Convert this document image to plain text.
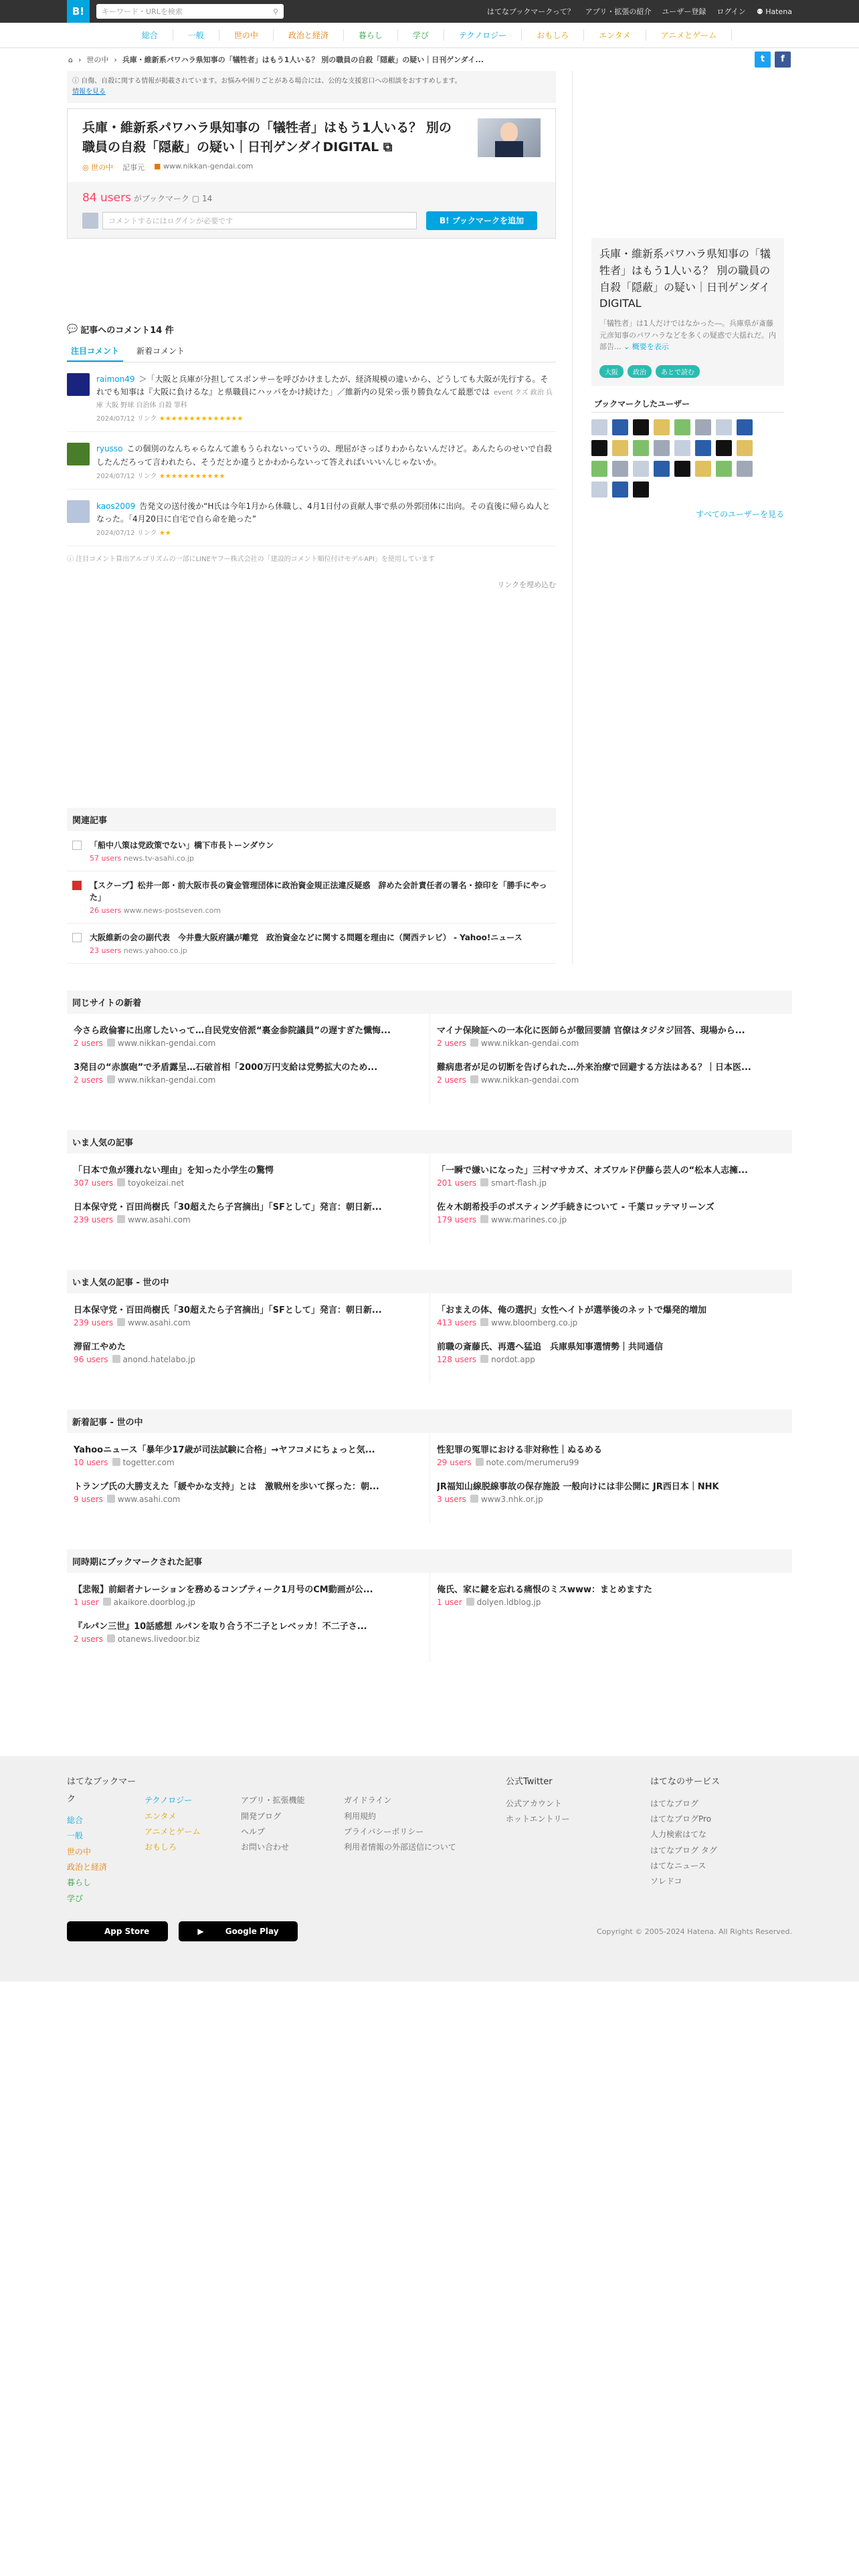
B!	キーワード・URLを検索	⚲	はてなブックマークって？ アプリ・拡張の紹介 ユーザー登録 ログイン ⚉ Hatena
総合	一般	世の中	政治と経済	暮らし	学び	テクノロジー	おもしろ	エンタメ	アニメとゲーム
⌂ › 世の中 › 兵庫・維新系パワハラ県知事の「犠牲者」はもう1人いる？ 別の職員の自殺「隠蔽」の疑い｜日刊ゲンダイ...	t	f
ⓘ 自傷、自殺に関する情報が掲載されています。お悩みや困りごとがある場合には、公的な支援窓口への相談をおすすめします。
情報を見る
兵庫・維新系パワハラ県知事の「犠牲者」はもう1人いる？ 別の職員の自殺「隠蔽」の疑い｜日刊ゲンダイDIGITAL ⧉
◎ 世の中 記事元 ■ www.nikkan-gendai.com
84 users がブックマーク ▢ 14
コメントするにはログインが必要です	B! ブックマークを追加
💬 記事へのコメント14 件
注目コメント	新着コメント
raimon49 ＞「大阪と兵庫が分担してスポンサーを呼びかけましたが、経済規模の違いから、どうしても大阪が先行する。それでも知事は『大阪に負けるな』と県職員にハッパをかけ続けた」／維新内の見栄っ張り勝負なんて最悪では event クズ 政治 兵庫 大阪 野球 自治体 自殺 罪科
2024/07/12 リンク ★★★★★★★★★★★★★★
ryusso この個別のなんちゃらなんて誰もうられないっていうの、理屈がさっぱりわからないんだけど。あんたらのせいで自殺したんだろって言われたら、そうだとか違うとかわからないって答えればいいいんじゃないか。
2024/07/12 リンク ★★★★★★★★★★★
kaos2009 告発文の送付後か“H氏は今年1月から休職し、4月1日付の貢献人事で県の外郭団体に出向。その直後に帰らぬ人となった。「4月20日に自宅で自ら命を絶った”
2024/07/12 リンク ★★
ⓘ 注目コメント算出アルゴリズムの一部にLINEヤフー株式会社の「建設的コメント順位付けモデルAPI」を使用しています
リンクを埋め込む
関連記事
「船中八策は党政策でない」橋下市長トーンダウン
57 users news.tv-asahi.co.jp
【スクープ】松井一郎・前大阪市長の資金管理団体に政治資金規正法違反疑惑　辞めた会計責任者の署名・捺印を「勝手にやった」
26 users www.news-postseven.com
大阪維新の会の副代表　今井豊大阪府議が離党　政治資金などに関する問題を理由に（関西テレビ） - Yahoo!ニュース
23 users news.yahoo.co.jp
兵庫・維新系パワハラ県知事の「犠牲者」はもう1人いる？ 別の職員の自殺「隠蔽」の疑い｜日刊ゲンダイDIGITAL
「犠牲者」は1人だけではなかった―。兵庫県が斎藤元彦知事のパワハラなどを多くの疑惑で大揺れだ。内部告... ⌄ 概要を表示
大阪	政治	あとで読む
ブックマークしたユーザー
すべてのユーザーを見る
同じサイトの新着
今さら政倫審に出席したいって…自民党安倍派“裏金参院議員”の遅すぎた懺悔...
2 users www.nikkan-gendai.com
3発目の“赤旗砲”で矛盾露呈…石破首相「2000万円支給は党勢拡大のため...
2 users www.nikkan-gendai.com
マイナ保険証への一本化に医師らが徹回要請 官僚はタジタジ回答、現場から...
2 users www.nikkan-gendai.com
難病患者が足の切断を告げられた…外来治療で回避する方法はある？｜日本医...
2 users www.nikkan-gendai.com
いま人気の記事
「日本で魚が獲れない理由」を知った小学生の驚愕
307 users toyokeizai.net
日本保守党・百田尚樹氏「30超えたら子宮摘出」「SFとして」発言：朝日新...
239 users www.asahi.com
「一瞬で嫌いになった」三村マサカズ、オズワルド伊藤ら芸人の“松本人志擁...
201 users smart-flash.jp
佐々木朗希投手のポスティング手続きについて - 千葉ロッテマリーンズ
179 users www.marines.co.jp
いま人気の記事 - 世の中
日本保守党・百田尚樹氏「30超えたら子宮摘出」「SFとして」発言：朝日新...
239 users www.asahi.com
滞留工やめた
96 users anond.hatelabo.jp
「おまえの体、俺の選択」女性ヘイトが選挙後のネットで爆発的増加
413 users www.bloomberg.co.jp
前職の斎藤氏、再選へ猛追　兵庫県知事選情勢｜共同通信
128 users nordot.app
新着記事 - 世の中
Yahooニュース「暴年少17歳が司法試験に合格」→ヤフコメにちょっと気...
10 users togetter.com
トランプ氏の大勝支えた「緩やかな支持」とは　激戦州を歩いて探った：朝...
9 users www.asahi.com
性犯罪の冤罪における非対称性｜ぬるめる
29 users note.com/merumeru99
JR福知山線脱線事故の保存施設 一般向けには非公開に JR西日本｜NHK
3 users www3.nhk.or.jp
同時期にブックマークされた記事
【悲報】前細者ナレーションを務めるコンプティーク1月号のCM動画が公...
1 user akaikore.doorblog.jp
『ルパン三世』10話感想 ルパンを取り合う不二子とレベッカ！不二子さ...
2 users otanews.livedoor.biz
俺氏、家に鍵を忘れる痛恨のミスwww：まとめますた
1 user dolyen.ldblog.jp
はてなブックマーク
総合
一般
世の中
政治と経済
暮らし
学び
テクノロジー
エンタメ
アニメとゲーム
おもしろ
アプリ・拡張機能
開発ブログ
ヘルプ
お問い合わせ
ガイドライン
利用規約
プライバシーポリシー
利用者情報の外部送信について
公式Twitter
公式アカウント
ホットエントリー
はてなのサービス
はてなブログ
はてなブログPro
人力検索はてな
はてなブログ タグ
はてなニュース
ソレドコ
App Store	▶	Google Play	Copyright © 2005-2024 Hatena. All Rights Reserved.
